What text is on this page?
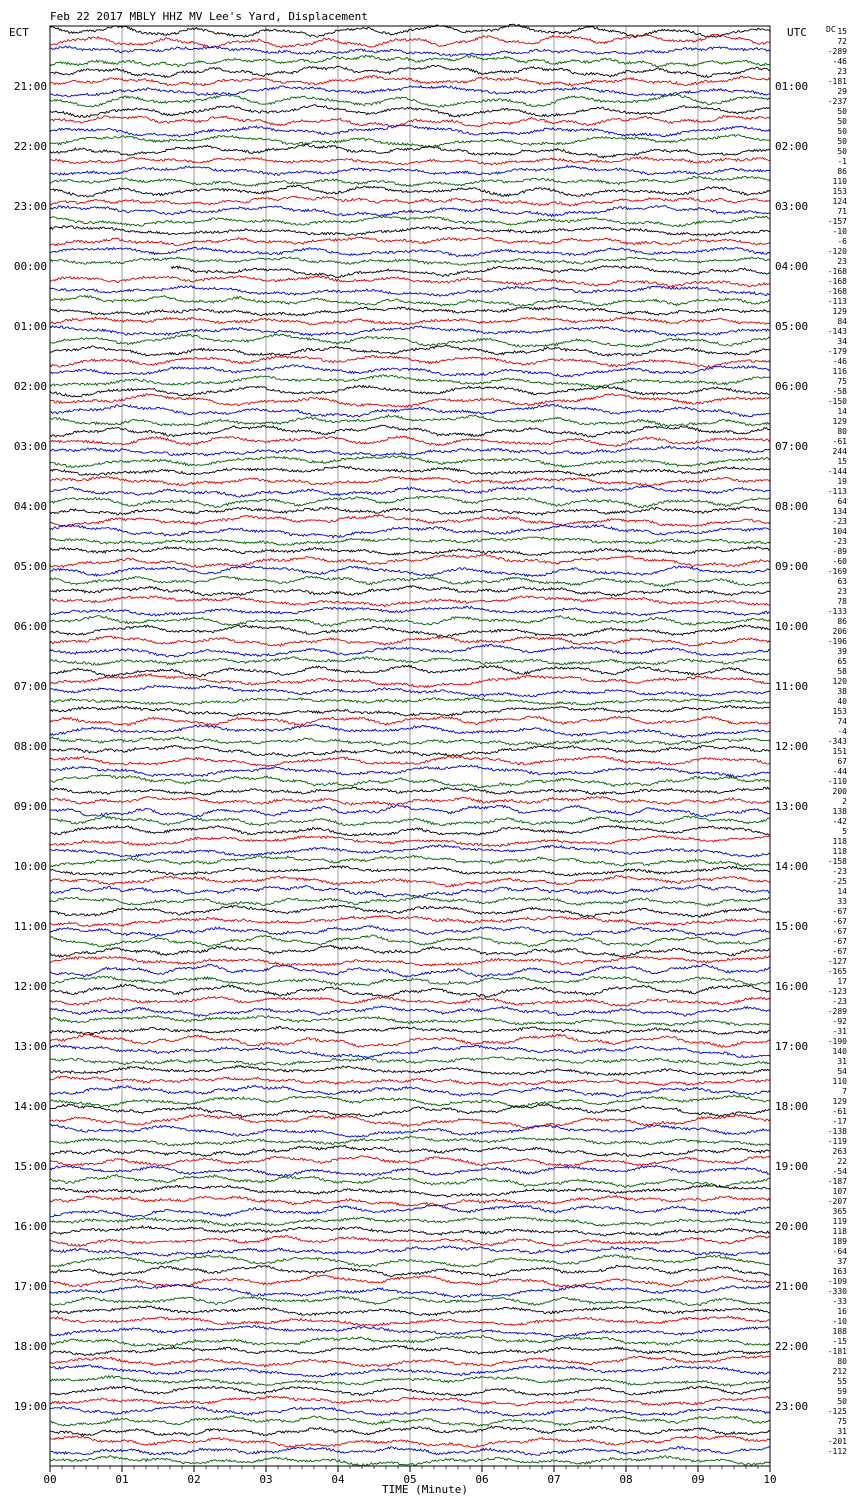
Feb 22 2017 MBLY HHZ MV Lee's Yard, Displacement
ECT	UTC DC
TIME (Minute)
00	01	02	03	04	05	06	07	08	09	10
21:00
22:00
23:00
00:00
01:00
02:00
03:00
04:00
05:00
06:00
07:00
08:00
09:00
10:00
11:00
12:00
13:00
14:00
15:00
16:00
17:00
18:00
19:00
01:00
02:00
03:00
04:00
05:00
06:00
07:00
08:00
09:00
10:00
11:00
12:00
13:00
14:00
15:00
16:00
17:00
18:00
19:00
20:00
21:00
22:00
23:00
15
72
-289
-46
23
-181
29
-237
50
50
50
50
50
-1
86
110
153
124
71
-157
-10
-6
-120
23
-168
-168
-168
-113
129
84
-143
34
-179
-46
116
75
-58
-150
14
129
80
-61
244
15
-144
19
-113
64
134
-23
104
-23
-89
-60
-169
63
23
78
-133
86
206
-196
39
65
58
120
38
40
153
74
-4
-343
151
67
-44
-110
200
2
138
-42
5
118
118
-158
-23
-25
14
33
-67
-67
-67
-67
-67
-127
-165
17
-123
-23
-289
-92
-31
-190
140
31
54
110
7
129
-61
-17
-138
-119
263
22
-54
-187
107
-207
365
119
118
189
-64
37
163
-109
-330
-33
16
-10
188
-15
-181
80
212
55
59
50
-125
75
31
-201
-112
